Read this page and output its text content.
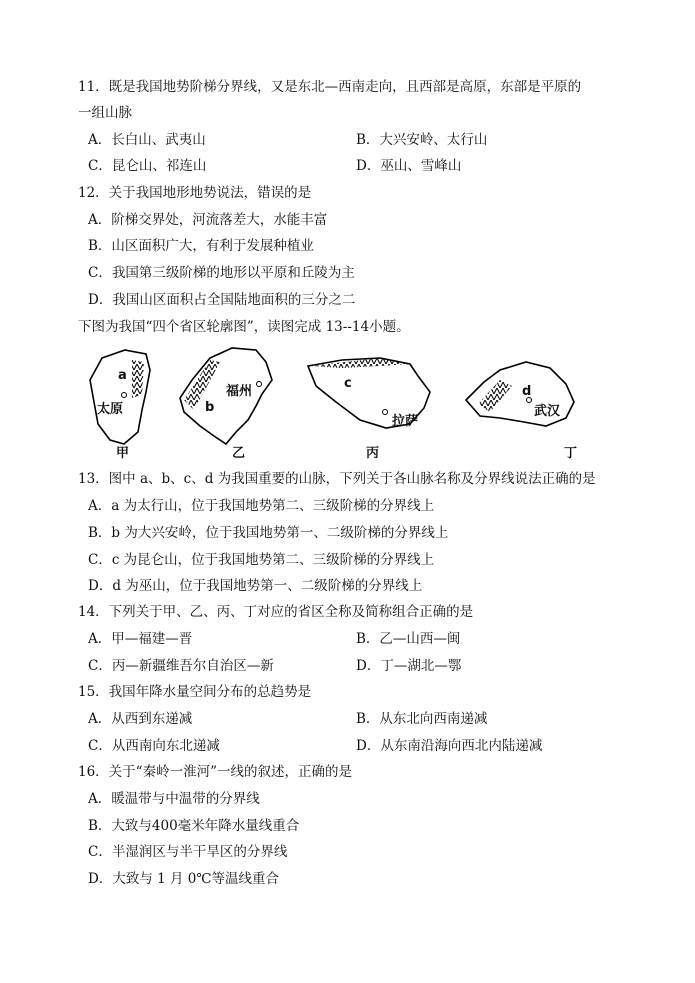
11．既是我国地势阶梯分界线，又是东北—西南走向，且西部是高原，东部是平原的
一组山脉
A．长白山、武夷山	B．大兴安岭、太行山
C．昆仑山、祁连山	D．巫山、雪峰山
12．关于我国地形地势说法，错误的是
A．阶梯交界处，河流落差大，水能丰富
B．山区面积广大，有利于发展种植业
C．我国第三级阶梯的地形以平原和丘陵为主
D．我国山区面积占全国陆地面积的三分之二
下图为我国“四个省区轮廓图”，读图完成 13--14小题。
a
太原
甲
b
福州
乙
c
拉萨
丙
d
武汉
丁
13．图中 a、b、c、d 为我国重要的山脉，下列关于各山脉名称及分界线说法正确的是
A．a 为太行山，位于我国地势第二、三级阶梯的分界线上
B．b 为大兴安岭，位于我国地势第一、二级阶梯的分界线上
C．c 为昆仑山，位于我国地势第二、三级阶梯的分界线上
D．d 为巫山，位于我国地势第一、二级阶梯的分界线上
14．下列关于甲、乙、丙、丁对应的省区全称及简称组合正确的是
A．甲—福建—晋	B．乙—山西—闽
C．丙—新疆维吾尔自治区—新	D．丁—湖北—鄂
15．我国年降水量空间分布的总趋势是
A．从西到东递减	B．从东北向西南递减
C．从西南向东北递减	D．从东南沿海向西北内陆递减
16．关于“秦岭一淮河”一线的叙述，正确的是
A．暖温带与中温带的分界线
B．大致与400毫米年降水量线重合
C．半湿润区与半干旱区的分界线
D．大致与 1 月 0℃等温线重合
